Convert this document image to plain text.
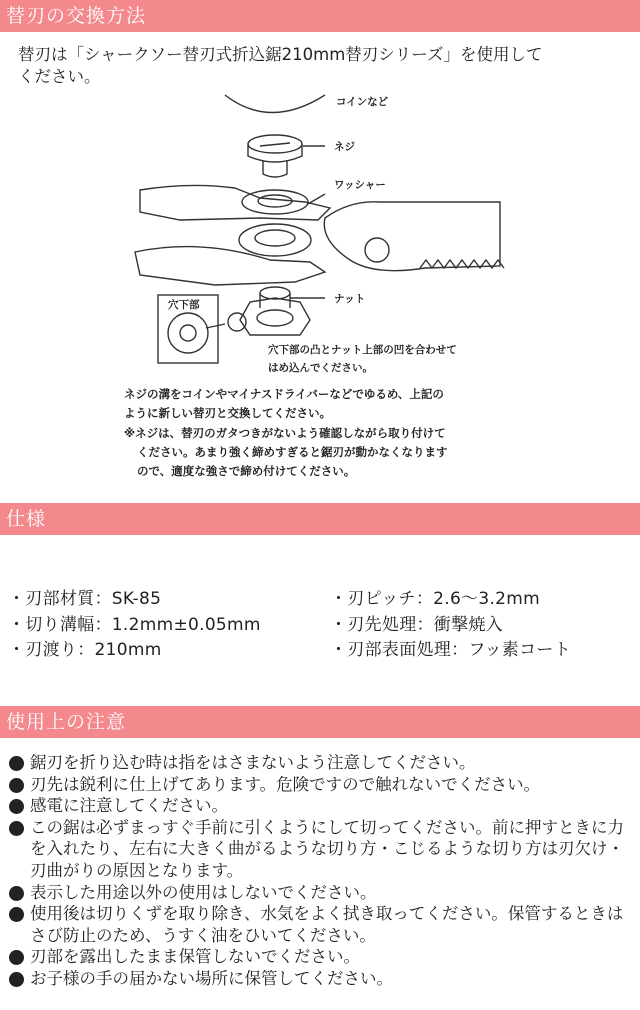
替刃の交換方法
替刃は「シャークソー替刃式折込鋸210mm替刃シリーズ」を使用して
ください。
コインなど
ネジ
ワッシャー
ナット
穴下部
穴下部の凸とナット上部の凹を合わせて
はめ込んでください。
ネジの溝をコインやマイナスドライバーなどでゆるめ、上記の
ように新しい替刃と交換してください。
※ネジは、替刃のガタつきがないよう確認しながら取り付けて
ください。あまり強く締めすぎると鋸刃が動かなくなります
ので、適度な強さで締め付けてください。
仕様
・刃部材質：SK-85
・切り溝幅：1.2mm±0.05mm
・刃渡り：210mm
・刃ピッチ：2.6〜3.2mm
・刃先処理：衝撃焼入
・刃部表面処理：フッ素コート
使用上の注意
鋸刃を折り込む時は指をはさまないよう注意してください。
刃先は鋭利に仕上げてあります。危険ですので触れないでください。
感電に注意してください。
この鋸は必ずまっすぐ手前に引くようにして切ってください。前に押すときに力を入れたり、左右に大きく曲がるような切り方・こじるような切り方は刃欠け・刃曲がりの原因となります。
表示した用途以外の使用はしないでください。
使用後は切りくずを取り除き、水気をよく拭き取ってください。保管するときはさび防止のため、うすく油をひいてください。
刃部を露出したまま保管しないでください。
お子様の手の届かない場所に保管してください。
